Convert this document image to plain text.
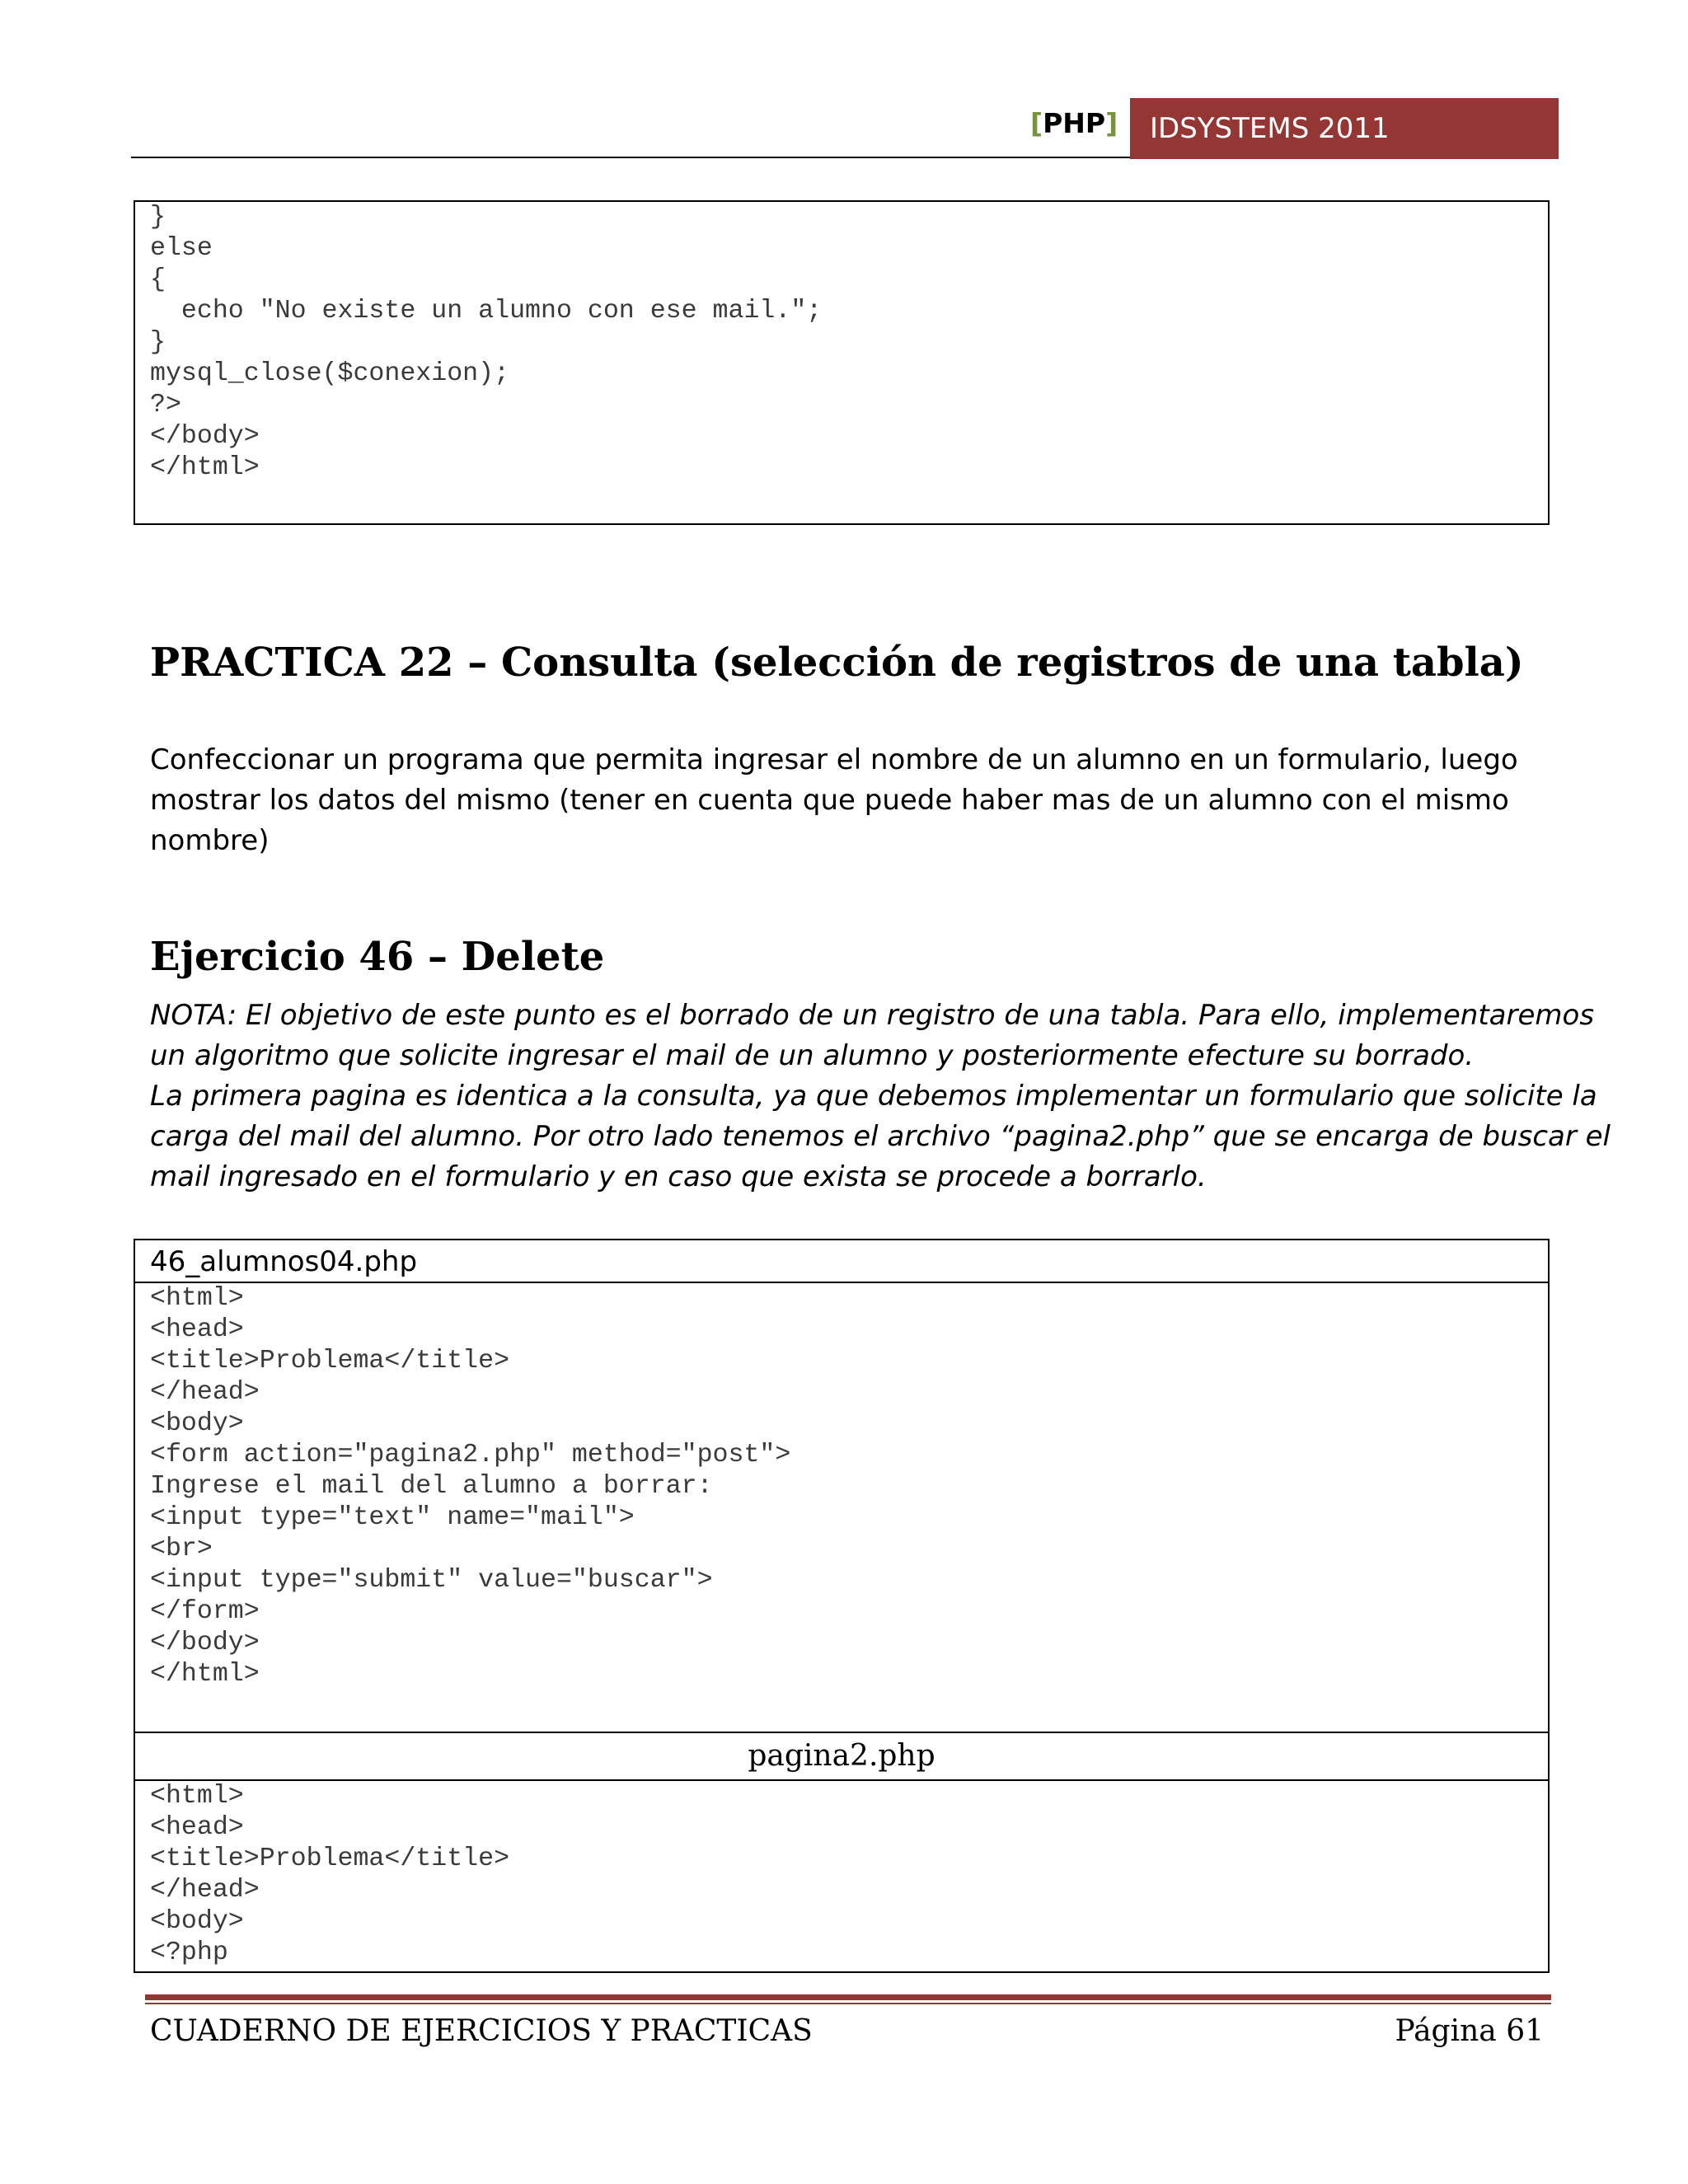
[PHP]	IDSYSTEMS 2011
}
else
{
echo "No existe un alumno con ese mail.";
}
mysql_close($conexion);
?>
</body>
</html>
PRACTICA 22 – Consulta (selección de registros de una tabla)

Confeccionar un programa que permita ingresar el nombre de un alumno en un formulario, luego
mostrar los datos del mismo (tener en cuenta que puede haber mas de un alumno con el mismo
nombre)

Ejercicio 46 – Delete

NOTA: El objetivo de este punto es el borrado de un registro de una tabla. Para ello, implementaremos
un algoritmo que solicite ingresar el mail de un alumno y posteriormente efecture su borrado.
La primera pagina es identica a la consulta, ya que debemos implementar un formulario que solicite la
carga del mail del alumno. Por otro lado tenemos el archivo “pagina2.php” que se encarga de buscar el
mail ingresado en el formulario y en caso que exista se procede a borrarlo.

46_alumnos04.php
<html>
<head>
<title>Problema</title>
</head>
<body>
<form action="pagina2.php" method="post">
Ingrese el mail del alumno a borrar:
<input type="text" name="mail">
<br>
<input type="submit" value="buscar">
</form>
</body>
</html>
pagina2.php
<html>
<head>
<title>Problema</title>
</head>
<body>
<?php
CUADERNO DE EJERCICIOS Y PRACTICAS	Página 61
